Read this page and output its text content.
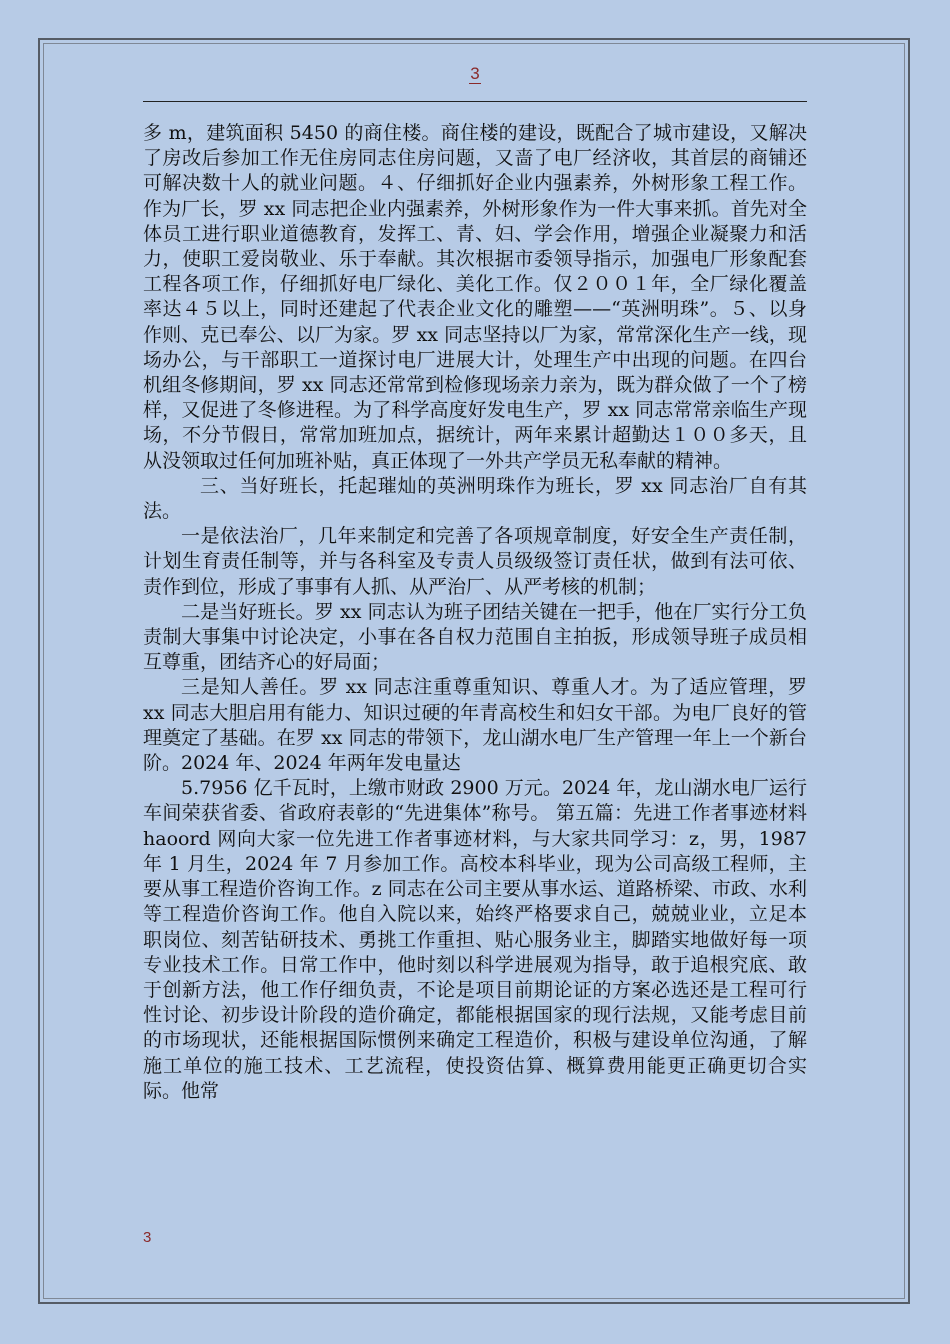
3

多 m，建筑面积 5450 的商住楼。商住楼的建设，既配合了城市建设，又解决了房改后参加工作无住房同志住房问题，又啬了电厂经济收，其首层的商铺还可解决数十人的就业问题。４、仔细抓好企业内强素养，外树形象工程工作。作为厂长，罗 xx 同志把企业内强素养，外树形象作为一件大事来抓。首先对全体员工进行职业道德教育，发挥工、青、妇、学会作用，增强企业凝聚力和活力，使职工爱岗敬业、乐于奉献。其次根据市委领导指示，加强电厂形象配套工程各项工作，仔细抓好电厂绿化、美化工作。仅２００１年，全厂绿化覆盖率达４５以上，同时还建起了代表企业文化的雕塑——“英洲明珠”。５、以身作则、克已奉公、以厂为家。罗 xx 同志坚持以厂为家，常常深化生产一线，现场办公，与干部职工一道探讨电厂进展大计，处理生产中出现的问题。在四台机组冬修期间，罗 xx 同志还常常到检修现场亲力亲为，既为群众做了一个了榜样，又促进了冬修进程。为了科学高度好发电生产，罗 xx 同志常常亲临生产现场，不分节假日，常常加班加点，据统计，两年来累计超勤达１００多天，且从没领取过任何加班补贴，真正体现了一外共产学员无私奉献的精神。

三、当好班长，托起璀灿的英洲明珠作为班长，罗 xx 同志治厂自有其法。

一是依法治厂，几年来制定和完善了各项规章制度，好安全生产责任制，计划生育责任制等，并与各科室及专责人员级级签订责任状，做到有法可依、责作到位，形成了事事有人抓、从严治厂、从严考核的机制；

二是当好班长。罗 xx 同志认为班子团结关键在一把手，他在厂实行分工负责制大事集中讨论决定，小事在各自权力范围自主拍扳，形成领导班子成员相互尊重，团结齐心的好局面；

三是知人善任。罗 xx 同志注重尊重知识、尊重人才。为了适应管理，罗 xx 同志大胆启用有能力、知识过硬的年青高校生和妇女干部。为电厂良好的管理奠定了基础。在罗 xx 同志的带领下，龙山湖水电厂生产管理一年上一个新台阶。2024 年、2024 年两年发电量达

5.7956 亿千瓦时，上缴市财政 2900 万元。2024 年，龙山湖水电厂运行车间荣获省委、省政府表彰的“先进集体”称号。 第五篇：先进工作者事迹材料 haoord 网向大家一位先进工作者事迹材料，与大家共同学习：z，男，1987 年 1 月生，2024 年 7 月参加工作。高校本科毕业，现为公司高级工程师，主要从事工程造价咨询工作。z 同志在公司主要从事水运、道路桥梁、市政、水利等工程造价咨询工作。他自入院以来，始终严格要求自己，兢兢业业，立足本职岗位、刻苦钻研技术、勇挑工作重担、贴心服务业主，脚踏实地做好每一项专业技术工作。日常工作中，他时刻以科学进展观为指导，敢于追根究底、敢于创新方法，他工作仔细负责，不论是项目前期论证的方案必选还是工程可行性讨论、初步设计阶段的造价确定，都能根据国家的现行法规，又能考虑目前的市场现状，还能根据国际惯例来确定工程造价，积极与建设单位沟通，了解施工单位的施工技术、工艺流程，使投资估算、概算费用能更正确更切合实际。他常

3
